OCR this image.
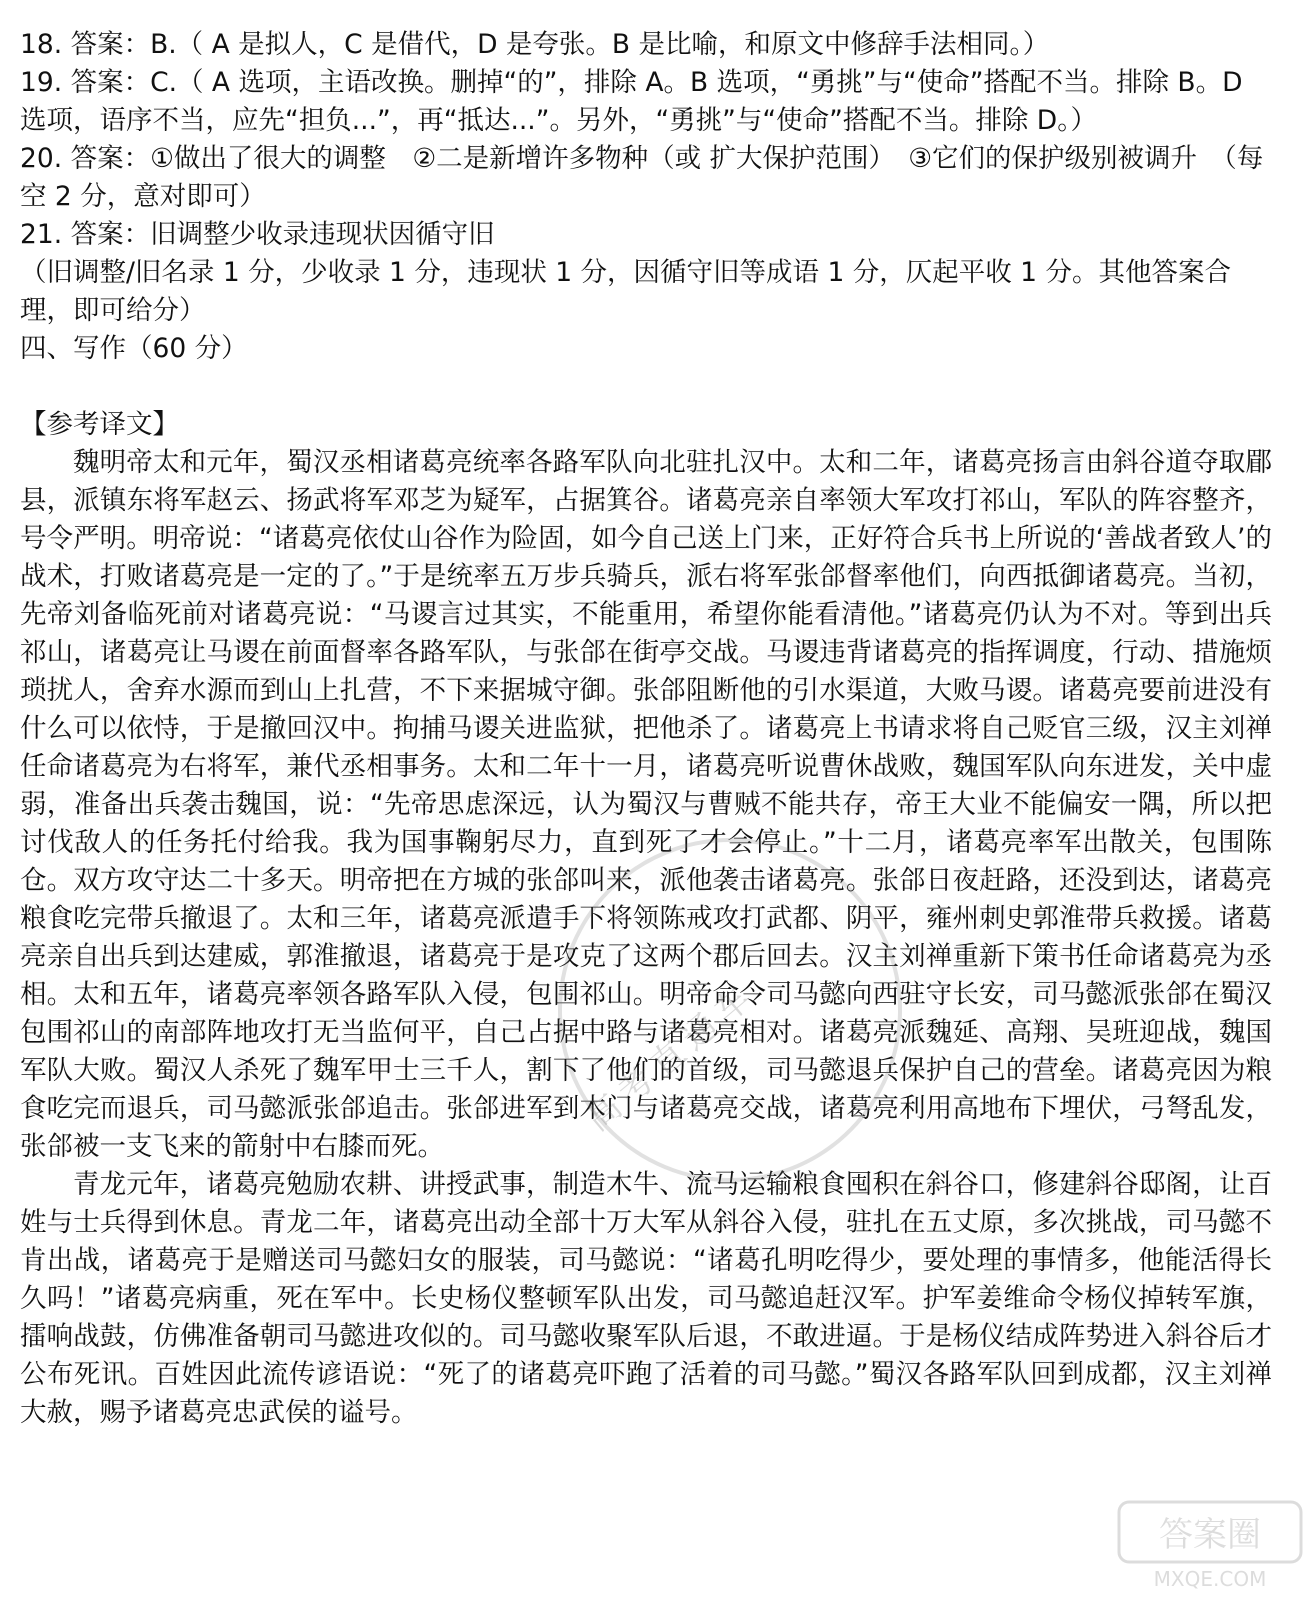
18. 答案：B.（ A 是拟人，C 是借代，D 是夸张。B 是比喻，和原文中修辞手法相同。）
19. 答案：C.（ A 选项，主语改换。删掉“的”，排除 A。B 选项，“勇挑”与“使命”搭配不当。排除 B。D 选项，语序不当，应先“担负...”，再“抵达...”。另外，“勇挑”与“使命”搭配不当。排除 D。）
20. 答案：①做出了很大的调整　②二是新增许多物种（或 扩大保护范围）　③它们的保护级别被调升　（每空 2 分，意对即可）
21. 答案：旧调整少收录违现状因循守旧
（旧调整/旧名录 1 分，少收录 1 分，违现状 1 分，因循守旧等成语 1 分，仄起平收 1 分。其他答案合理，即可给分）
四、写作（60 分）
【参考译文】

魏明帝太和元年，蜀汉丞相诸葛亮统率各路军队向北驻扎汉中。太和二年，诸葛亮扬言由斜谷道夺取郿县，派镇东将军赵云、扬武将军邓芝为疑军，占据箕谷。诸葛亮亲自率领大军攻打祁山，军队的阵容整齐，号令严明。明帝说：“诸葛亮依仗山谷作为险固，如今自己送上门来，正好符合兵书上所说的‘善战者致人’的战术，打败诸葛亮是一定的了。”于是统率五万步兵骑兵，派右将军张郃督率他们，向西抵御诸葛亮。当初，先帝刘备临死前对诸葛亮说：“马谡言过其实，不能重用，希望你能看清他。”诸葛亮仍认为不对。等到出兵祁山，诸葛亮让马谡在前面督率各路军队，与张郃在街亭交战。马谡违背诸葛亮的指挥调度，行动、措施烦琐扰人，舍弃水源而到山上扎营，不下来据城守御。张郃阻断他的引水渠道，大败马谡。诸葛亮要前进没有什么可以依恃，于是撤回汉中。拘捕马谡关进监狱，把他杀了。诸葛亮上书请求将自己贬官三级，汉主刘禅任命诸葛亮为右将军，兼代丞相事务。太和二年十一月，诸葛亮听说曹休战败，魏国军队向东进发，关中虚弱，准备出兵袭击魏国，说：“先帝思虑深远，认为蜀汉与曹贼不能共存，帝王大业不能偏安一隅，所以把讨伐敌人的任务托付给我。我为国事鞠躬尽力，直到死了才会停止。”十二月，诸葛亮率军出散关，包围陈仓。双方攻守达二十多天。明帝把在方城的张郃叫来，派他袭击诸葛亮。张郃日夜赶路，还没到达，诸葛亮粮食吃完带兵撤退了。太和三年，诸葛亮派遣手下将领陈戒攻打武都、阴平，雍州刺史郭淮带兵救援。诸葛亮亲自出兵到达建威，郭淮撤退，诸葛亮于是攻克了这两个郡后回去。汉主刘禅重新下策书任命诸葛亮为丞相。太和五年，诸葛亮率领各路军队入侵，包围祁山。明帝命令司马懿向西驻守长安，司马懿派张郃在蜀汉包围祁山的南部阵地攻打无当监何平，自己占据中路与诸葛亮相对。诸葛亮派魏延、高翔、吴班迎战，魏国军队大败。蜀汉人杀死了魏军甲士三千人，割下了他们的首级，司马懿退兵保护自己的营垒。诸葛亮因为粮食吃完而退兵，司马懿派张郃追击。张郃进军到木门与诸葛亮交战，诸葛亮利用高地布下埋伏，弓弩乱发，张郃被一支飞来的箭射中右膝而死。

青龙元年，诸葛亮勉励农耕、讲授武事，制造木牛、流马运输粮食囤积在斜谷口，修建斜谷邸阁，让百姓与士兵得到休息。青龙二年，诸葛亮出动全部十万大军从斜谷入侵，驻扎在五丈原，多次挑战，司马懿不肯出战，诸葛亮于是赠送司马懿妇女的服装，司马懿说：“诸葛孔明吃得少，要处理的事情多，他能活得长久吗！”诸葛亮病重，死在军中。长史杨仪整顿军队出发，司马懿追赶汉军。护军姜维命令杨仪掉转军旗，擂响战鼓，仿佛准备朝司马懿进攻似的。司马懿收聚军队后退，不敢进逼。于是杨仪结成阵势进入斜谷后才公布死讯。百姓因此流传谚语说：“死了的诸葛亮吓跑了活着的司马懿。”蜀汉各路军队回到成都，汉主刘禅大赦，赐予诸葛亮忠武侯的谥号。

高考直通车
答案圈
MXQE.COM
